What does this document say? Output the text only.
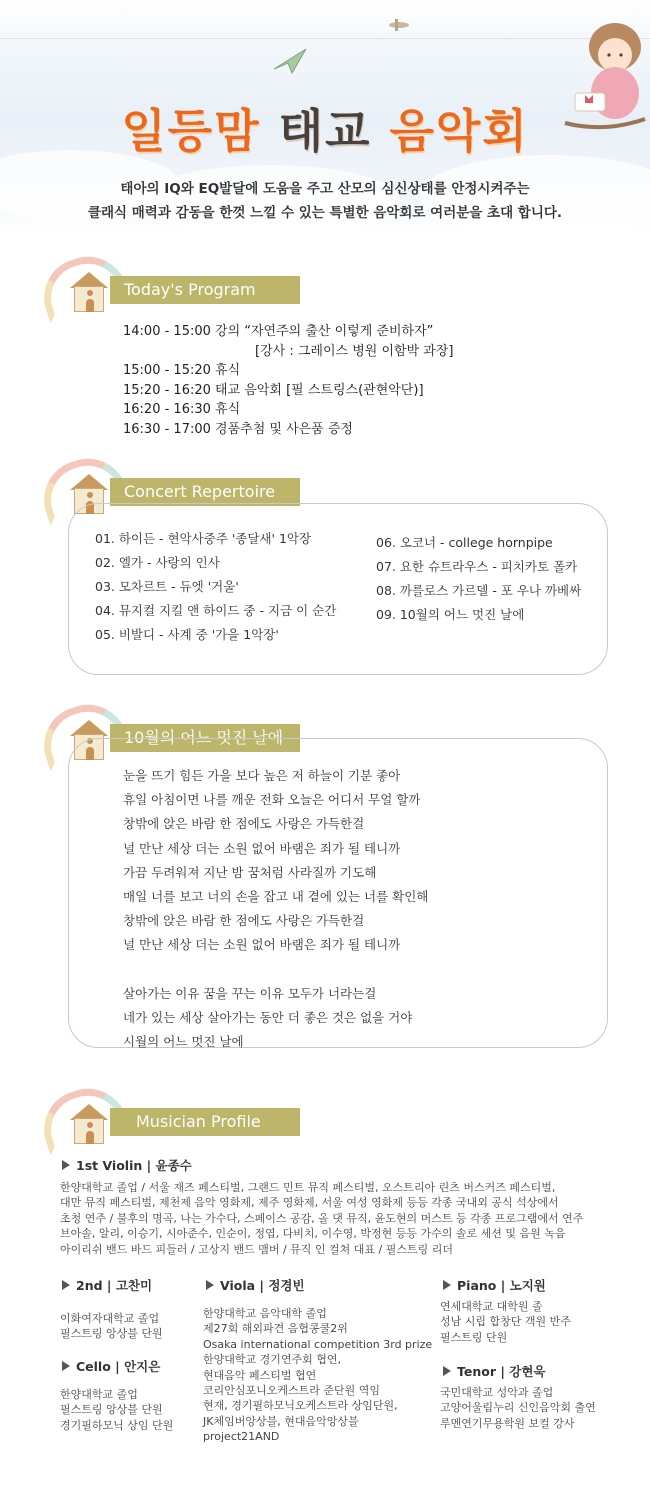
일등맘 태교 음악회
태아의 IQ와 EQ발달에 도움을 주고 산모의 심신상태를 안정시켜주는
클래식 매력과 감동을 한껏 느낄 수 있는 특별한 음악회로 여러분을 초대 합니다.
Today's Program
14:00 - 15:00 강의 “자연주의 출산 이렇게 준비하자”
[강사 : 그레이스 병원 이함박 과장]
15:00 - 15:20 휴식
15:20 - 16:20 태교 음악회 [필 스트링스(관현악단)]
16:20 - 16:30 휴식
16:30 - 17:00 경품추첨 및 사은품 증정
Concert Repertoire
01. 하이든 - 현악사중주 '종달새' 1악장
02. 엘가 - 사랑의 인사
03. 모차르트 - 듀엣 '거울'
04. 뮤지컬 지킬 앤 하이드 중 - 지금 이 순간
05. 비발디 - 사계 중 '가을 1악장'
06. 오코너 - college hornpipe
07. 요한 슈트라우스 - 피치카토 폴카
08. 까를로스 가르델 - 포 우나 까베싸
09. 10월의 어느 멋진 날에
10월의 어느 멋진 날에
눈을 뜨기 힘든 가을 보다 높은 저 하늘이 기분 좋아
휴일 아침이면 나를 깨운 전화 오늘은 어디서 무얼 할까
창밖에 앉은 바람 한 점에도 사랑은 가득한걸
널 만난 세상 더는 소원 없어 바램은 죄가 될 테니까
가끔 두려워져 지난 밤 꿈처럼 사라질까 기도해
매일 너를 보고 너의 손을 잡고 내 곁에 있는 너를 확인해
창밖에 앉은 바람 한 점에도 사랑은 가득한걸
널 만난 세상 더는 소원 없어 바램은 죄가 될 테니까
살아가는 이유 꿈을 꾸는 이유 모두가 너라는걸
네가 있는 세상 살아가는 동안 더 좋은 것은 없을 거야
시월의 어느 멋진 날에
Musician Profile
1st Violin | 윤종수
한양대학교 졸업 / 서울 재즈 페스티벌, 그랜드 민트 뮤직 페스티벌, 오스트리아 린츠 버스커즈 페스티벌,
대만 뮤직 페스티벌, 제천제 음악 영화제, 제주 영화제, 서울 여성 영화제 등등 각종 국내외 공식 석상에서
초청 연주 / 불후의 명곡, 나는 가수다, 스페이스 공감, 올 댓 뮤직, 윤도현의 머스트 등 각종 프로그램에서 연주
브아솔, 알리, 이승기, 시아준수, 인순이, 정엽, 다비치, 이수영, 박정현 등등 가수의 솔로 세션 및 음원 녹음
아이리쉬 밴드 바드 피들러 / 고상지 밴드 맴버 / 뮤직 인 컬쳐 대표 / 필스트링 리더
2nd | 고찬미
이화여자대학교 졸업
필스트링 앙상블 단원
Cello | 안지은
한양대학교 졸업
필스트링 앙상블 단원
경기필하모닉 상임 단원
Viola | 정경빈
한양대학교 음악대학 졸업
제27회 해외파견 음협콩쿨2위
Osaka international competition 3rd prize
한양대학교 경기연주회 협연,
현대음악 페스티벌 협연
코리안심포니오케스트라 준단원 역임
현재, 경기필하모닉오케스트라 상임단원,
JK체임버앙상블, 현대음악앙상블
project21AND
Piano | 노지원
연세대학교 대학원 졸
성남 시립 합창단 객원 반주
필스트링 단원
Tenor | 강현욱
국민대학교 성악과 졸업
고양어울림누리 신인음악회 출연
루멘연기무용학원 보컬 강사
